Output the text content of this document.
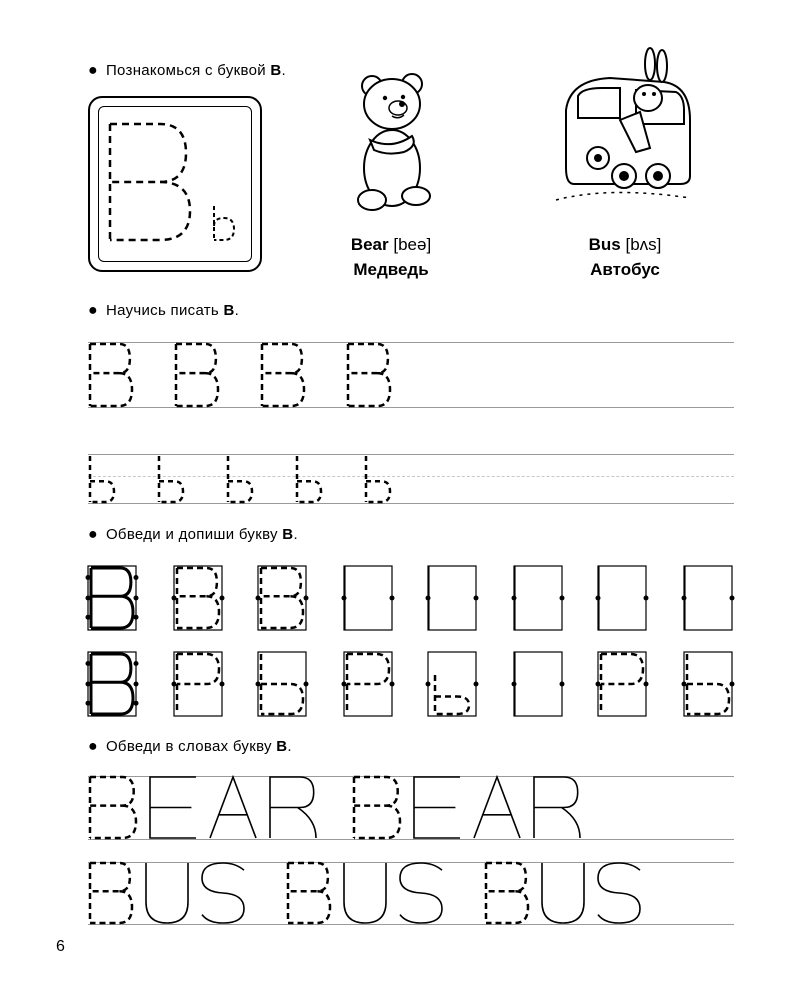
● Познакомься с буквой B.
Bear [beə]
Медведь
Bus [bʌs]
Автобус
● Научись писать B.
● Обведи и допиши букву B.
● Обведи в словах букву B.
6
